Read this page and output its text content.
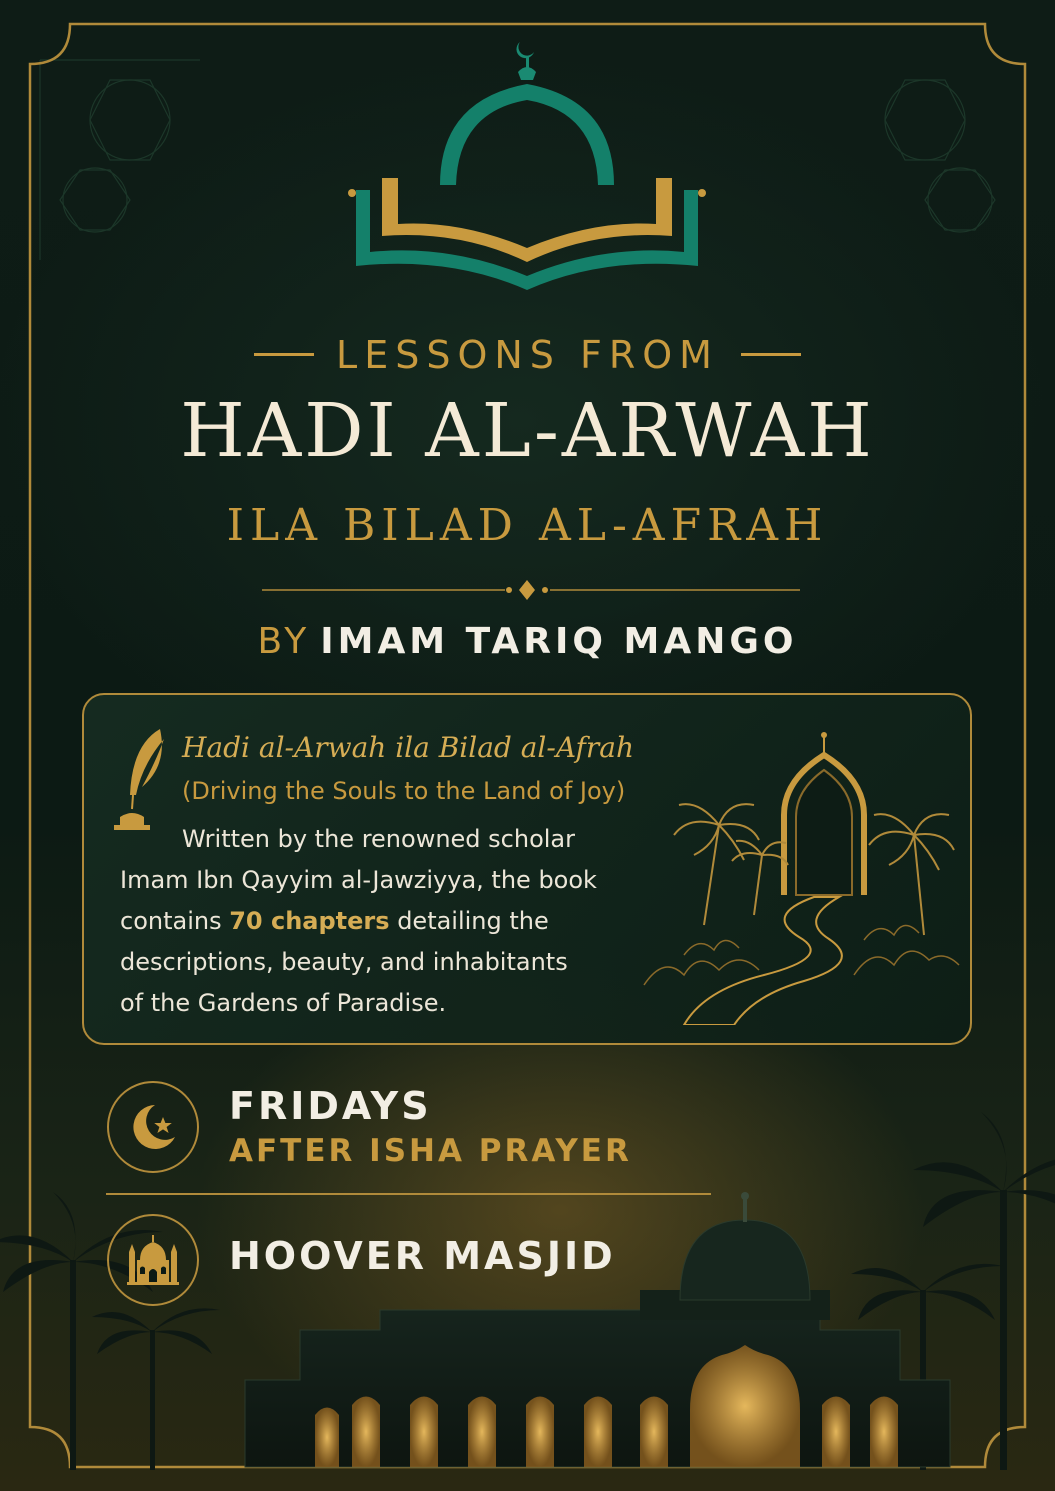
LESSONS FROM
HADI AL-ARWAH
ILA BILAD AL-AFRAH
BY IMAM TARIQ MANGO
Hadi al-Arwah ila Bilad al-Afrah
(Driving the Souls to the Land of Joy)
Written by the renowned scholar
Imam Ibn Qayyim al-Jawziyya, the book
contains 70 chapters detailing the
descriptions, beauty, and inhabitants
of the Gardens of Paradise.
FRIDAYS
AFTER ISHA PRAYER
HOOVER MASJID
